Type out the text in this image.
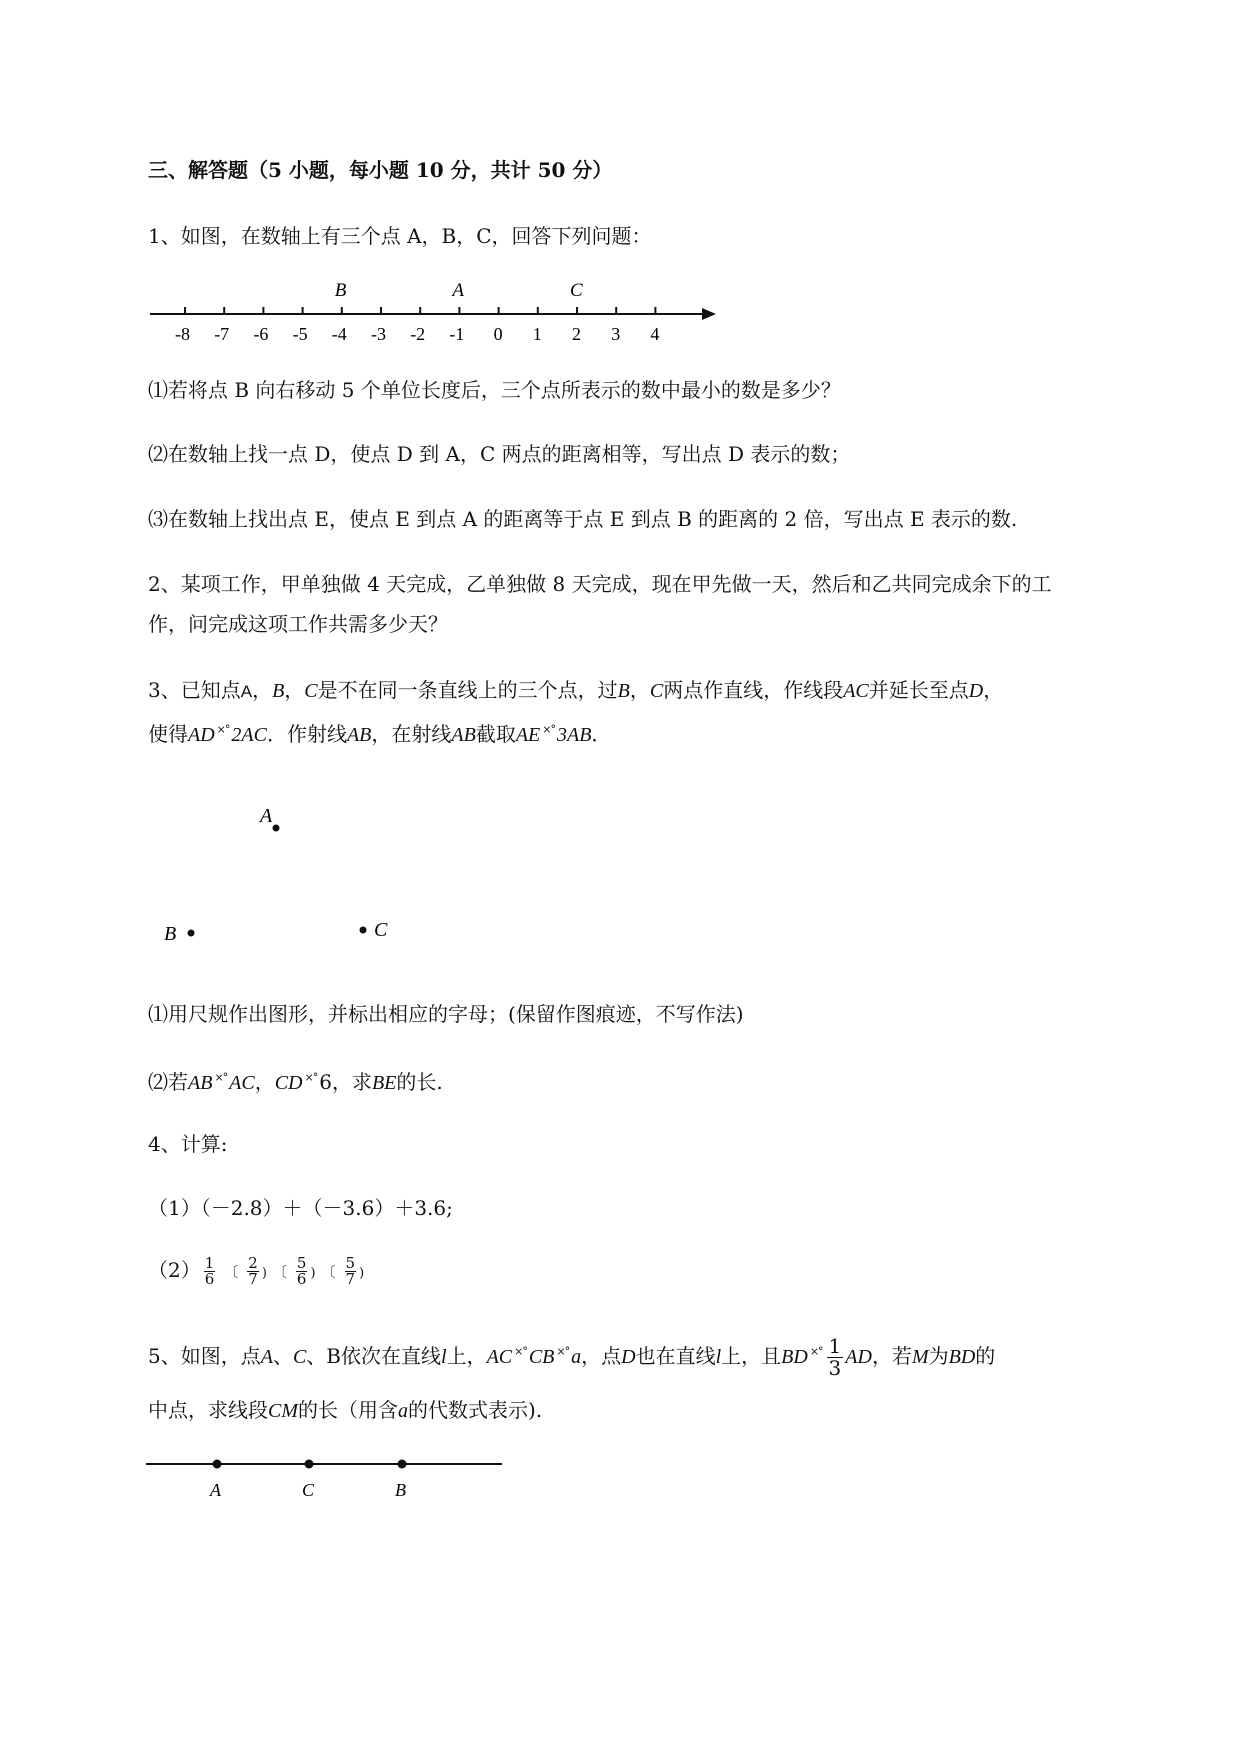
三、解答题（5 小题，每小题 10 分，共计 50 分）
1、如图，在数轴上有三个点 A，B，C，回答下列问题：
-8 -7 -6 -5 -4 -3 -2 -1 0 1 2 3 4
B	A	C
⑴若将点 B 向右移动 5 个单位长度后，三个点所表示的数中最小的数是多少？
⑵在数轴上找一点 D，使点 D 到 A，C 两点的距离相等，写出点 D 表示的数；
⑶在数轴上找出点 E，使点 E 到点 A 的距离等于点 E 到点 B 的距离的 2 倍，写出点 E 表示的数.
2、某项工作，甲单独做 4 天完成，乙单独做 8 天完成，现在甲先做一天，然后和乙共同完成余下的工
作，问完成这项工作共需多少天？
3、已知点A，B，C是不在同一条直线上的三个点，过B，C两点作直线，作线段AC并延长至点D，
使得AD ×° 2AC．作射线AB，在射线AB截取AE ×° 3AB．
A
B	C
⑴用尺规作出图形，并标出相应的字母；(保留作图痕迹，不写作法)
⑵若AB ×° AC，CD ×° 6，求BE的长.
4、计算:
（1）（－2.8）＋（－3.6）＋3.6;
$(2) \frac{1}{6}$ 〔 $\frac{2}{7}$ ) 〔 $\frac{5}{6}$ ) 〔 $\frac{5}{7}$ )
5、如图，点A、C、B依次在直线l上，AC ×° CB ×° a，点D也在直线l上，且BD $^{\times^\circ} \frac{1}{3}$ AD，若M为BD的
中点，求线段CM的长（用含a的代数式表示).
A	C	B
